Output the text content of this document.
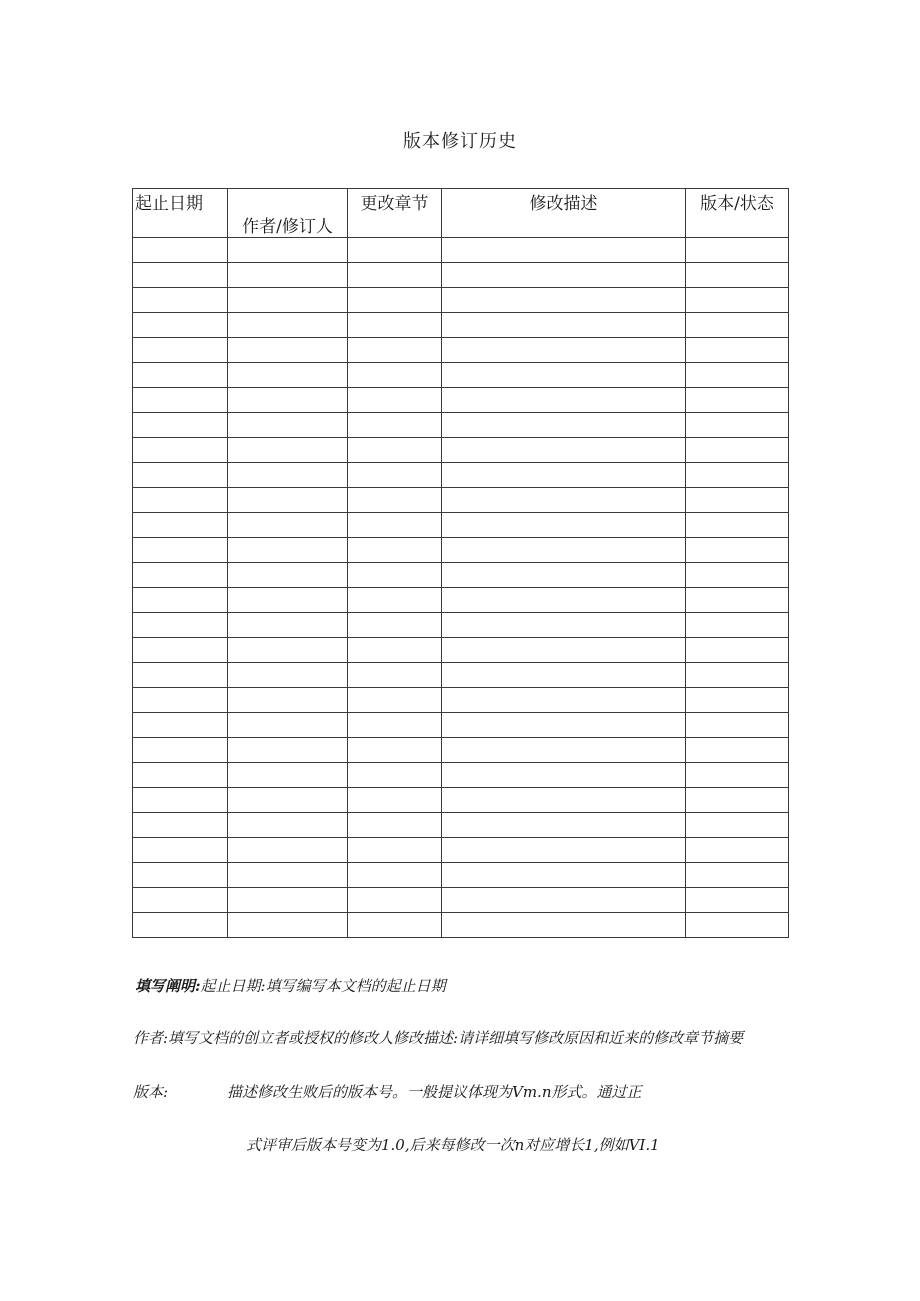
版本修订历史
起止日期	作者/修订人	更改章节	修改描述	版本/状态

填写阐明:起止日期:填写编写本文档的起止日期
作者:填写文档的创立者或授权的修改人修改描述:请详细填写修改原因和近来的修改章节摘要
版本:	描述修改生败后的版本号。一般提议体现为Vm.n形式。通过正
式评审后版本号变为1.0,后来每修改一次n对应增长1,例如VI.1
